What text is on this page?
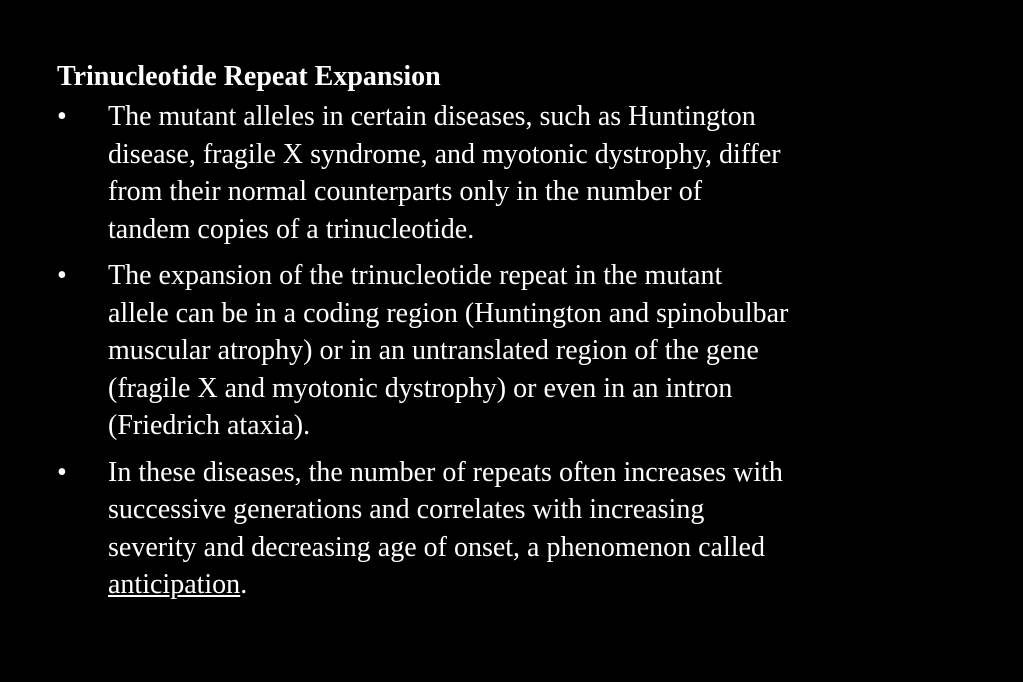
Trinucleotide Repeat Expansion
• The mutant alleles in certain diseases, such as Huntington
disease, fragile X syndrome, and myotonic dystrophy, differ
from their normal counterparts only in the number of
tandem copies of a trinucleotide.
• The expansion of the trinucleotide repeat in the mutant
allele can be in a coding region (Huntington and spinobulbar
muscular atrophy) or in an untranslated region of the gene
(fragile X and myotonic dystrophy) or even in an intron
(Friedrich ataxia).
• In these diseases, the number of repeats often increases with
successive generations and correlates with increasing
severity and decreasing age of onset, a phenomenon called
anticipation.
